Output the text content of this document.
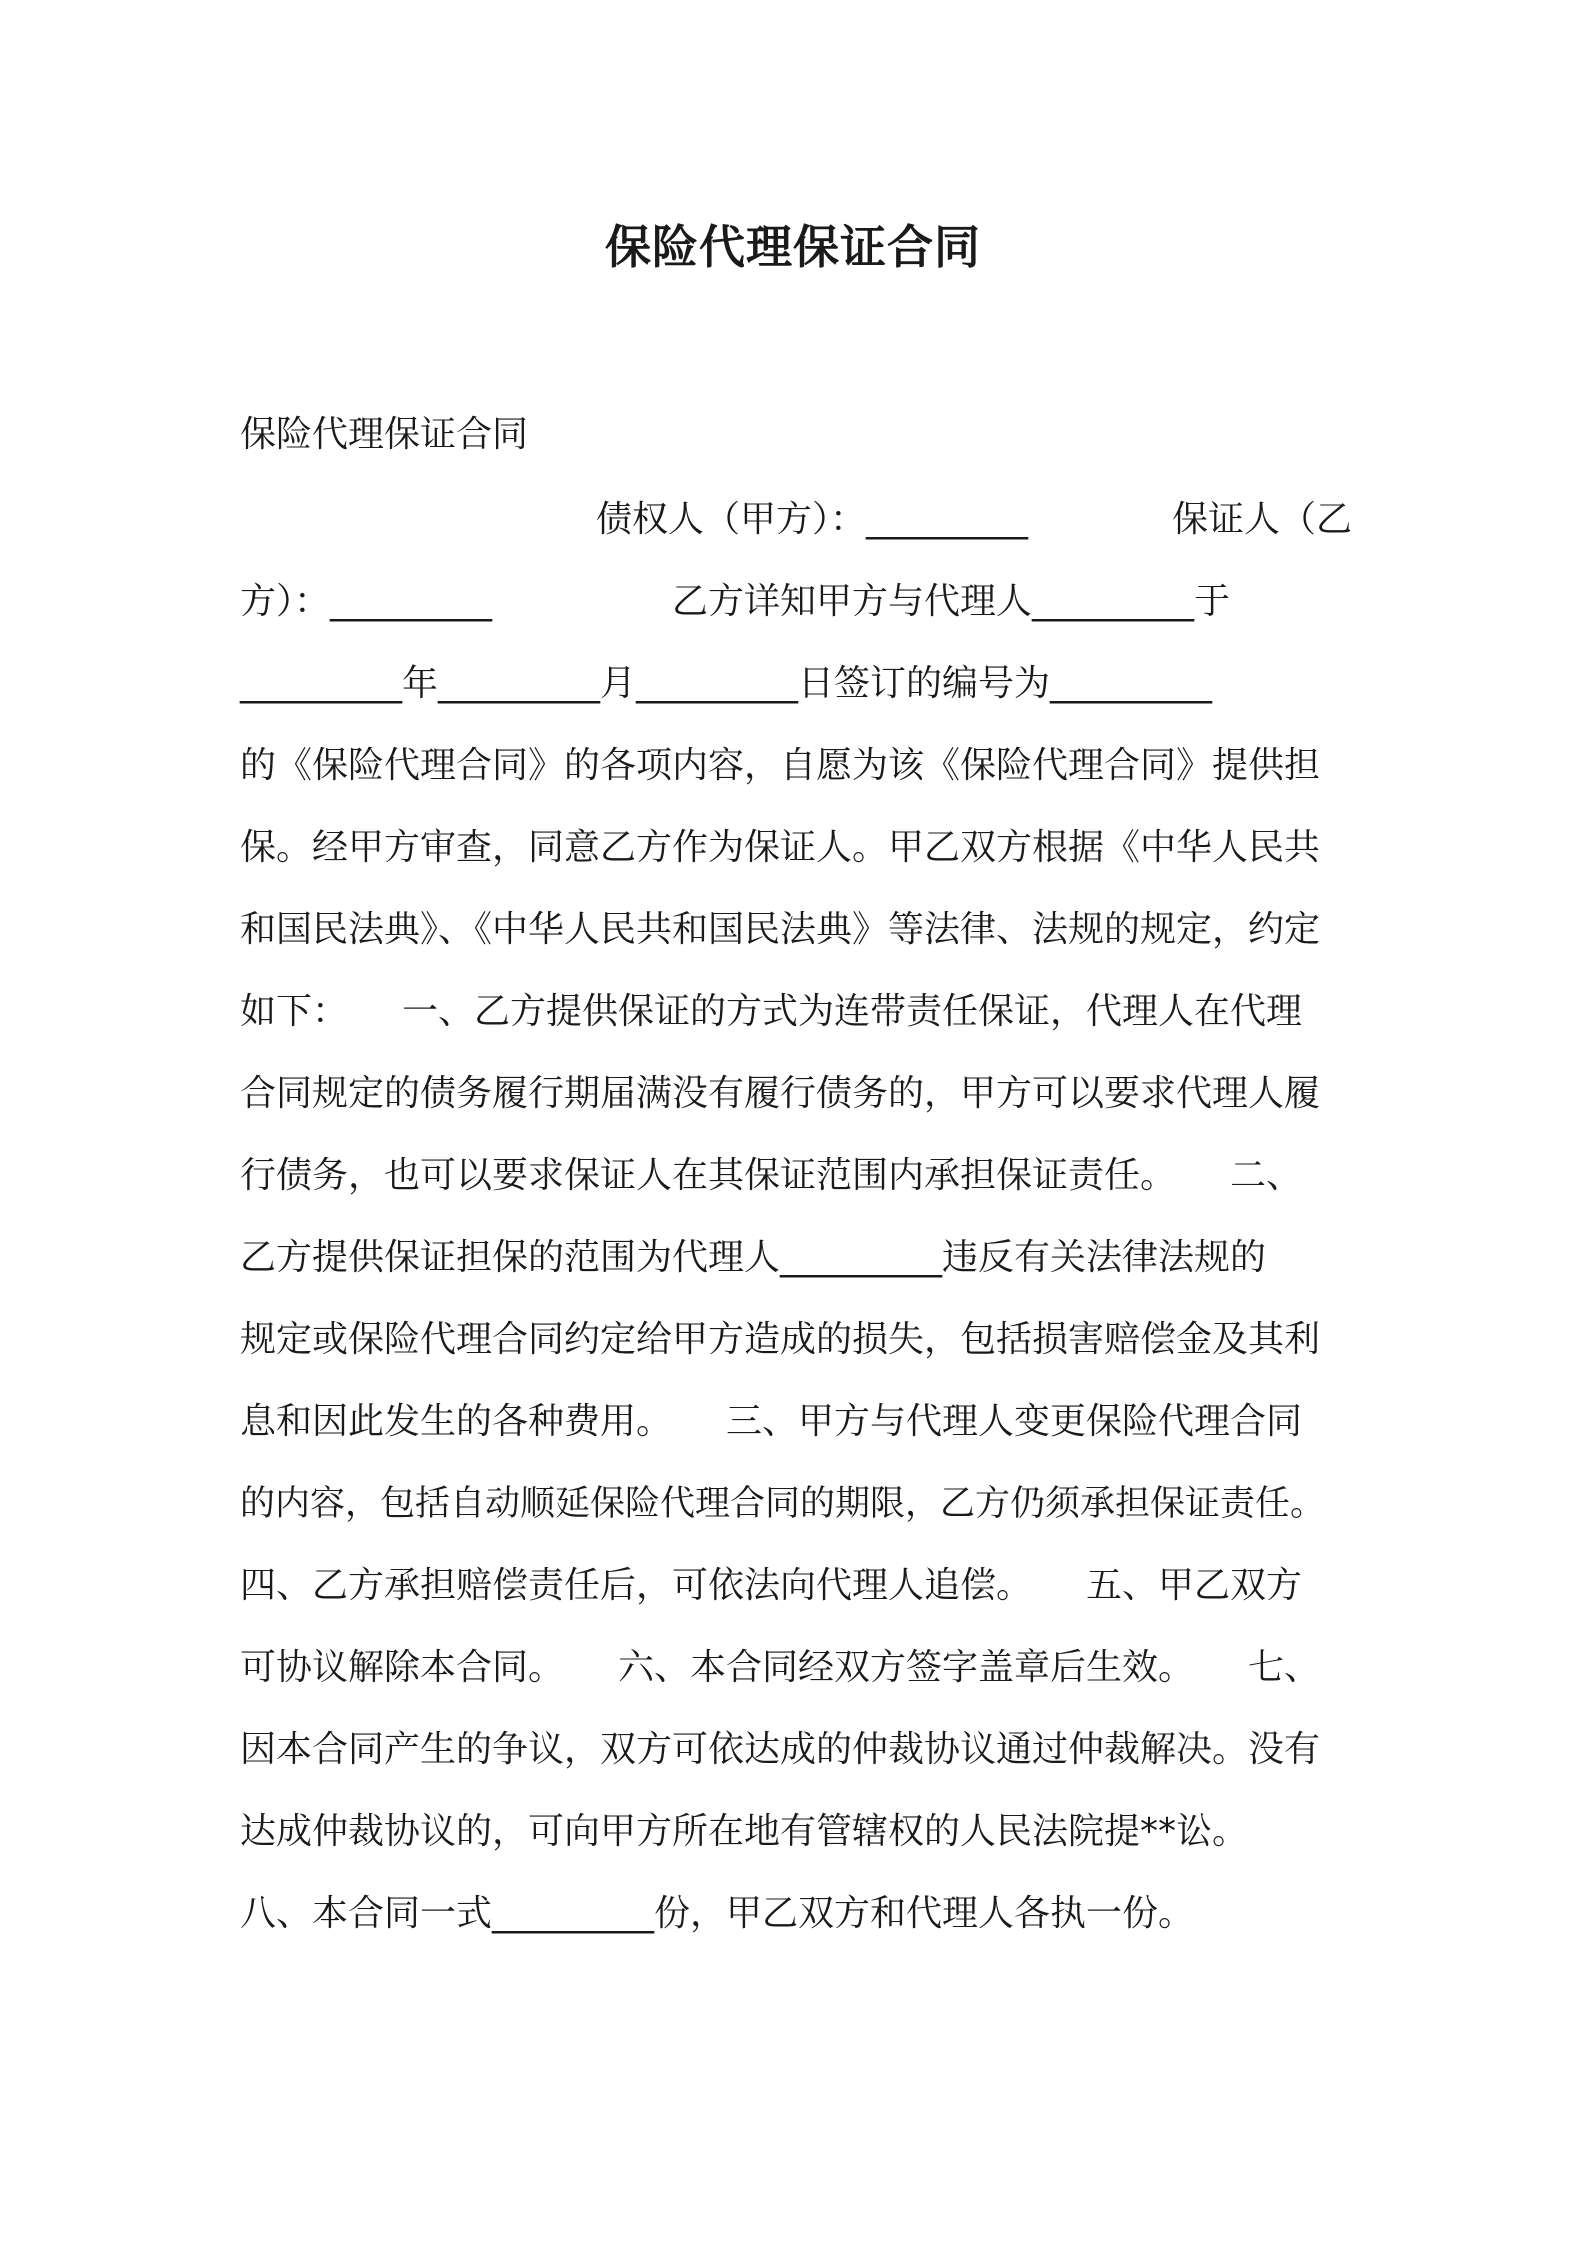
保险代理保证合同

保险代理保证合同

债权人（甲方）：_________　　　　保证人（乙

方）：_________　　　　　乙方详知甲方与代理人_________于

_________年_________月_________日签订的编号为_________

的《保险代理合同》的各项内容，自愿为该《保险代理合同》提供担

保。经甲方审查，同意乙方作为保证人。甲乙双方根据《中华人民共

和国民法典》、《中华人民共和国民法典》等法律、法规的规定，约定

如下：　　一、乙方提供保证的方式为连带责任保证，代理人在代理

合同规定的债务履行期届满没有履行债务的，甲方可以要求代理人履

行债务，也可以要求保证人在其保证范围内承担保证责任。　　二、

乙方提供保证担保的范围为代理人_________违反有关法律法规的

规定或保险代理合同约定给甲方造成的损失，包括损害赔偿金及其利

息和因此发生的各种费用。　　三、甲方与代理人变更保险代理合同

的内容，包括自动顺延保险代理合同的期限，乙方仍须承担保证责任。

四、乙方承担赔偿责任后，可依法向代理人追偿。　　五、甲乙双方

可协议解除本合同。　　六、本合同经双方签字盖章后生效。　　七、

因本合同产生的争议，双方可依达成的仲裁协议通过仲裁解决。没有

达成仲裁协议的，可向甲方所在地有管辖权的人民法院提**讼。

八、本合同一式_________份，甲乙双方和代理人各执一份。
